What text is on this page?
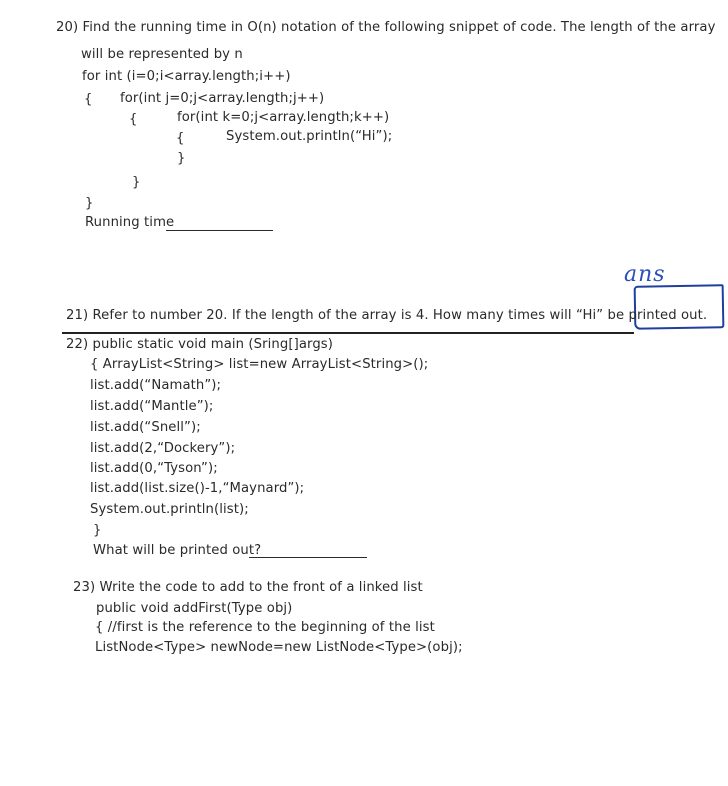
20) Find the running time in O(n) notation of the following snippet of code. The length of the array
will be represented by n
for int (i=0;i<array.length;i++)
{ for(int j=0;j<array.length;j++)
{	for(int k=0;j<array.length;k++)
{	System.out.println(“Hi”);
}
}
}
Running time
ans
21) Refer to number 20. If the length of the array is 4. How many times will “Hi” be printed out.
22) public static void main (Sring[]args)
{ ArrayList<String> list=new ArrayList<String>();
list.add(“Namath”);
list.add(“Mantle”);
list.add(“Snell”);
list.add(2,“Dockery”);
list.add(0,“Tyson”);
list.add(list.size()-1,“Maynard”);
System.out.println(list);
}
What will be printed out?
23) Write the code to add to the front of a linked list
public void addFirst(Type obj)
{ //first is the reference to the beginning of the list
ListNode<Type> newNode=new ListNode<Type>(obj);
